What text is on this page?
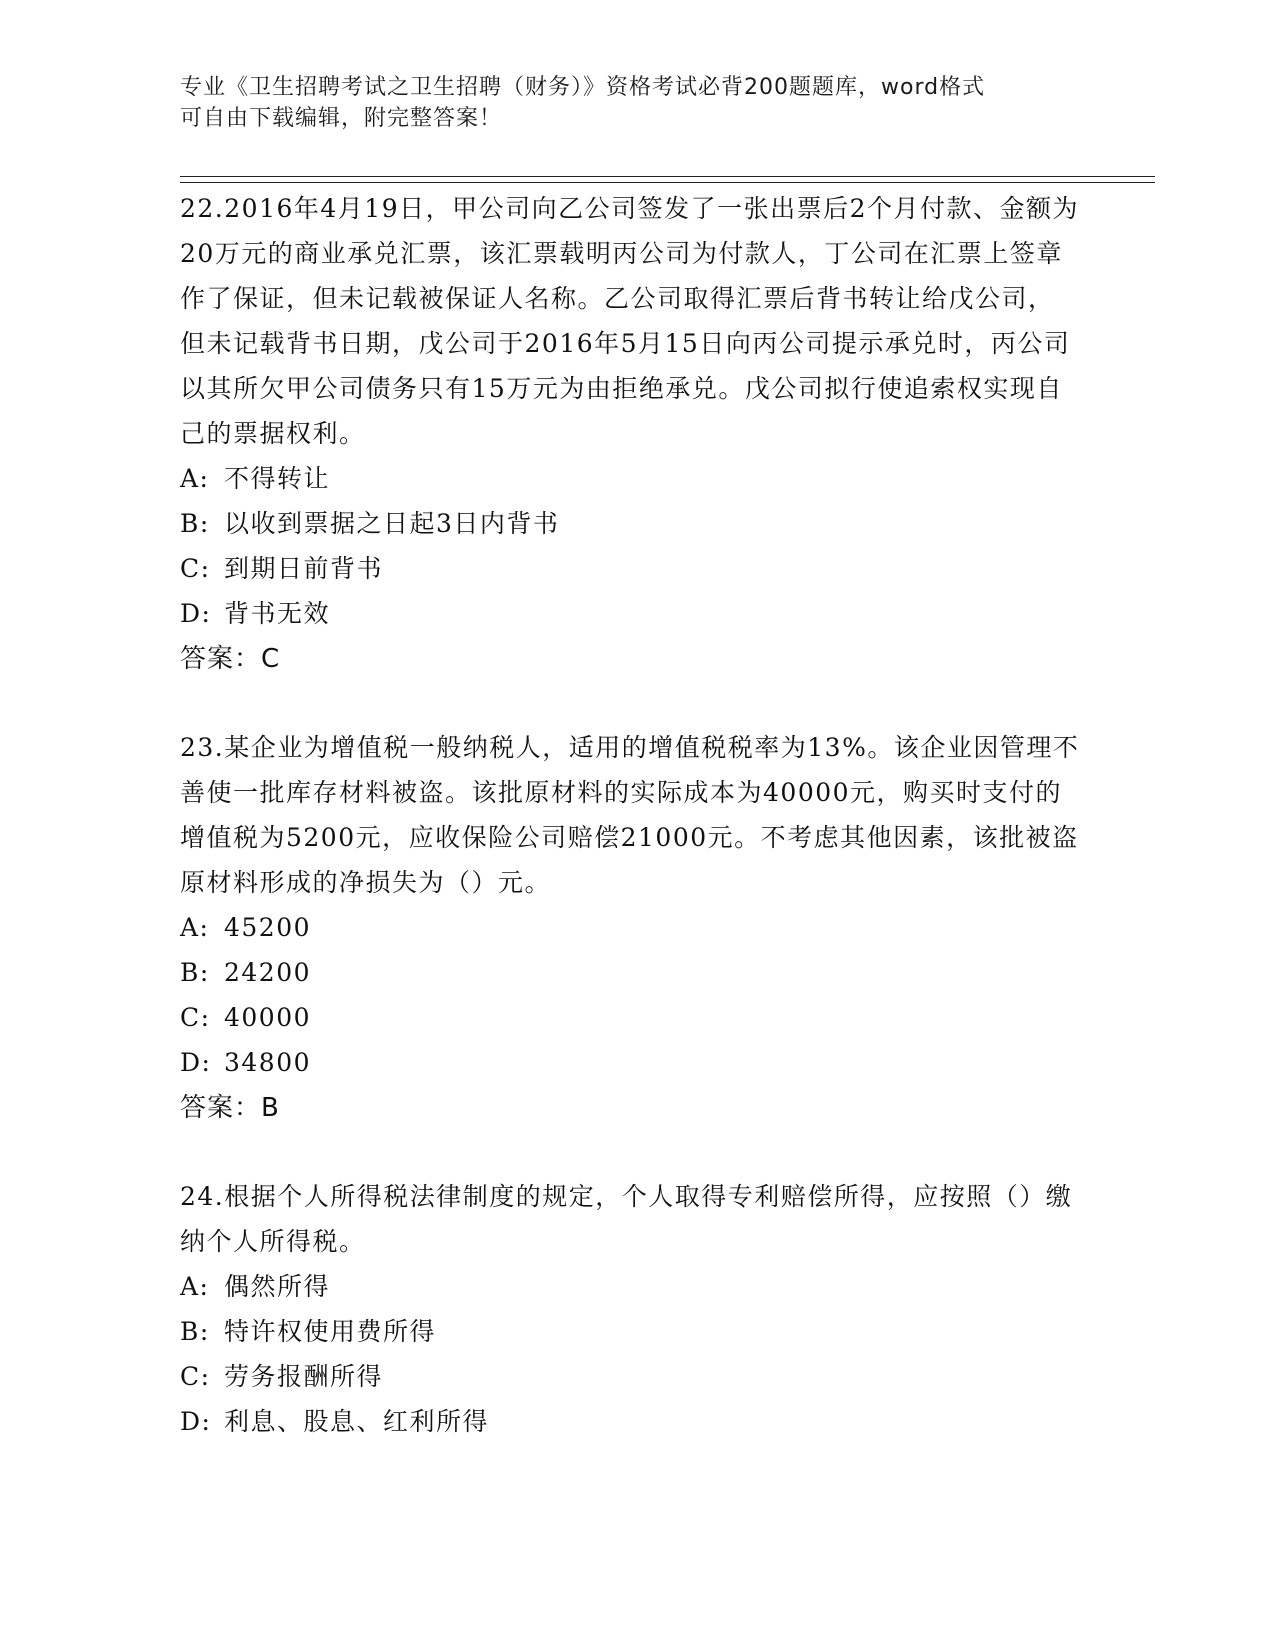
专业《卫生招聘考试之卫生招聘（财务）》资格考试必背200题题库，word格式
可自由下载编辑，附完整答案！

22.2016年4月19日，甲公司向乙公司签发了一张出票后2个月付款、金额为20万元的商业承兑汇票，该汇票载明丙公司为付款人，丁公司在汇票上签章作了保证，但未记载被保证人名称。乙公司取得汇票后背书转让给戊公司，但未记载背书日期，戊公司于2016年5月15日向丙公司提示承兑时，丙公司以其所欠甲公司债务只有15万元为由拒绝承兑。戊公司拟行使追索权实现自己的票据权利。

A: 不得转让
B: 以收到票据之日起3日内背书
C: 到期日前背书
D: 背书无效
答案：C

23.某企业为增值税一般纳税人，适用的增值税税率为13%。该企业因管理不善使一批库存材料被盗。该批原材料的实际成本为40000元，购买时支付的增值税为5200元，应收保险公司赔偿21000元。不考虑其他因素，该批被盗原材料形成的净损失为（）元。

A: 45200
B: 24200
C: 40000
D: 34800
答案：B

24.根据个人所得税法律制度的规定，个人取得专利赔偿所得，应按照（）缴纳个人所得税。

A: 偶然所得
B: 特许权使用费所得
C: 劳务报酬所得
D: 利息、股息、红利所得
